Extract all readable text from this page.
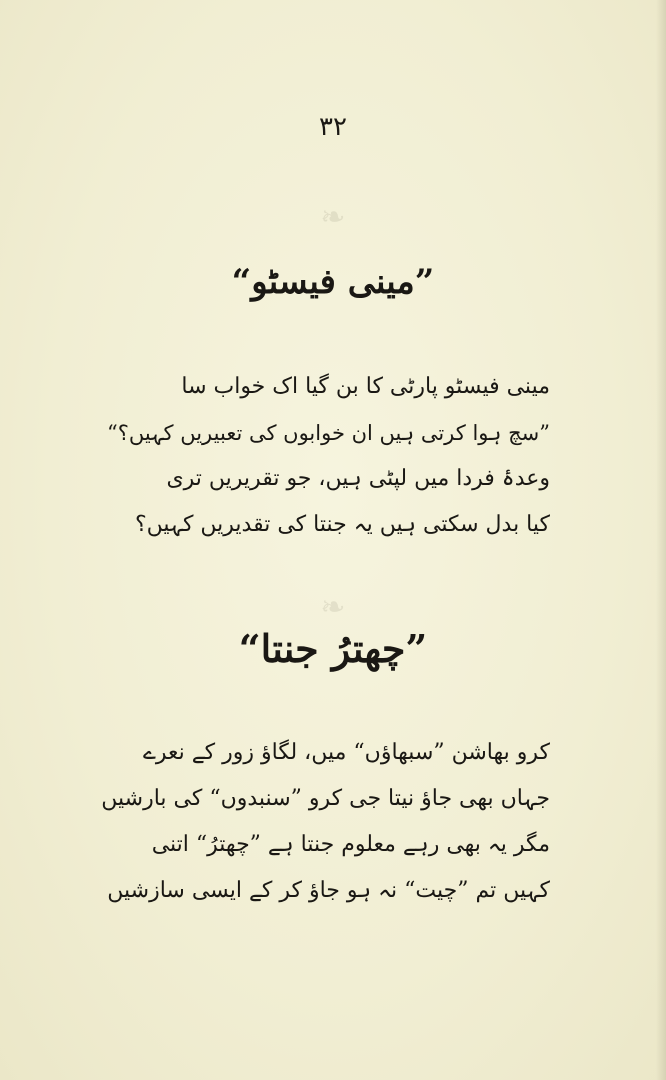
❧
❧
۳۲
”مینی فیسٹو“
مینی فیسٹو پارٹی کا بن گیا اک خواب سا
”سچ ہوا کرتی ہیں ان خوابوں کی تعبیریں کہیں؟“
وعدۂ فردا میں لپٹی ہیں، جو تقریریں تری
کیا بدل سکتی ہیں یہ جنتا کی تقدیریں کہیں؟
”چھترُ جنتا“
کرو بھاشن ”سبھاؤں“ میں، لگاؤ زور کے نعرے
جہاں بھی جاؤ نیتا جی کرو ”سنبدوں“ کی بارشیں
مگر یہ بھی رہے معلوم جنتا ہے ”چھترُ“ اتنی
کہیں تم ”چیت“ نہ ہو جاؤ کر کے ایسی سازشیں
